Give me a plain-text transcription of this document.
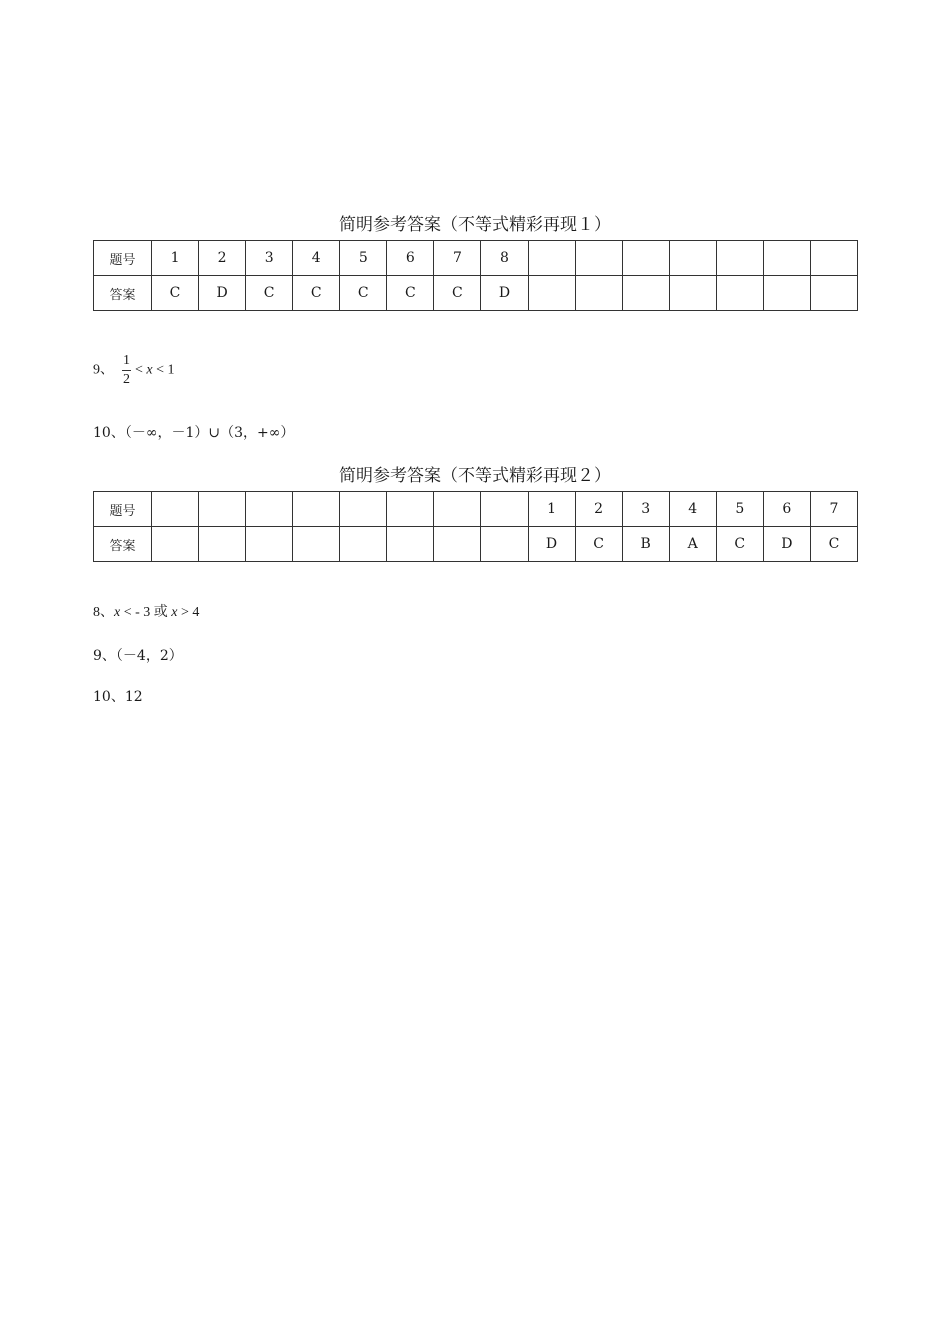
简明参考答案（不等式精彩再现１）
题号	1	2	3	4	5	6	7	8							
答案	C	D	C	C	C	C	C	D							
9、 $\frac{1}{2} < x < 1$
10、（－∞，－1）∪（3，+∞）
简明参考答案（不等式精彩再现２）
题号									1	2	3	4	5	6	7
答案									D	C	B	A	C	D	C
8、x < - 3 或 x > 4
9、（－4，2）
10、12
